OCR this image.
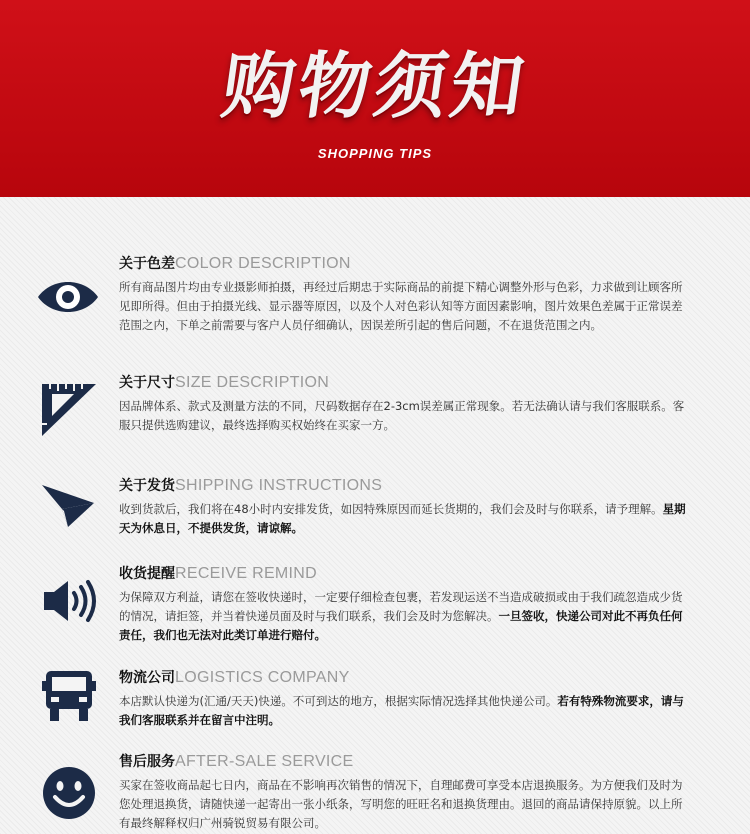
购物须知
SHOPPING TIPS
关于色差COLOR DESCRIPTION
所有商品图片均由专业摄影师拍摄，再经过后期忠于实际商品的前提下精心调整外形与色彩，力求做到让顾客所见即所得。但由于拍摄光线、显示器等原因，以及个人对色彩认知等方面因素影响，图片效果色差属于正常误差范围之内，下单之前需要与客户人员仔细确认，因误差所引起的售后问题，不在退货范围之内。
关于尺寸SIZE DESCRIPTION
因品牌体系、款式及测量方法的不同，尺码数据存在2-3cm误差属正常现象。若无法确认请与我们客服联系。客服只提供选购建议，最终选择购买权始终在买家一方。
关于发货SHIPPING INSTRUCTIONS
收到货款后，我们将在48小时内安排发货，如因特殊原因而延长货期的，我们会及时与你联系，请予理解。星期天为休息日，不提供发货，请谅解。
收货提醒RECEIVE REMIND
为保障双方利益，请您在签收快递时，一定要仔细检查包裹，若发现运送不当造成破损或由于我们疏忽造成少货的情况，请拒签，并当着快递员面及时与我们联系，我们会及时为您解决。一旦签收，快递公司对此不再负任何责任，我们也无法对此类订单进行赔付。
物流公司LOGISTICS COMPANY
本店默认快递为(汇通/天天)快递。不可到达的地方，根据实际情况选择其他快递公司。若有特殊物流要求，请与我们客服联系并在留言中注明。
售后服务AFTER-SALE SERVICE
买家在签收商品起七日内，商品在不影响再次销售的情况下，自理邮费可享受本店退换服务。为方便我们及时为您处理退换货，请随快递一起寄出一张小纸条，写明您的旺旺名和退换货理由。退回的商品请保持原貌。以上所有最终解释权归广州骑锐贸易有限公司。
